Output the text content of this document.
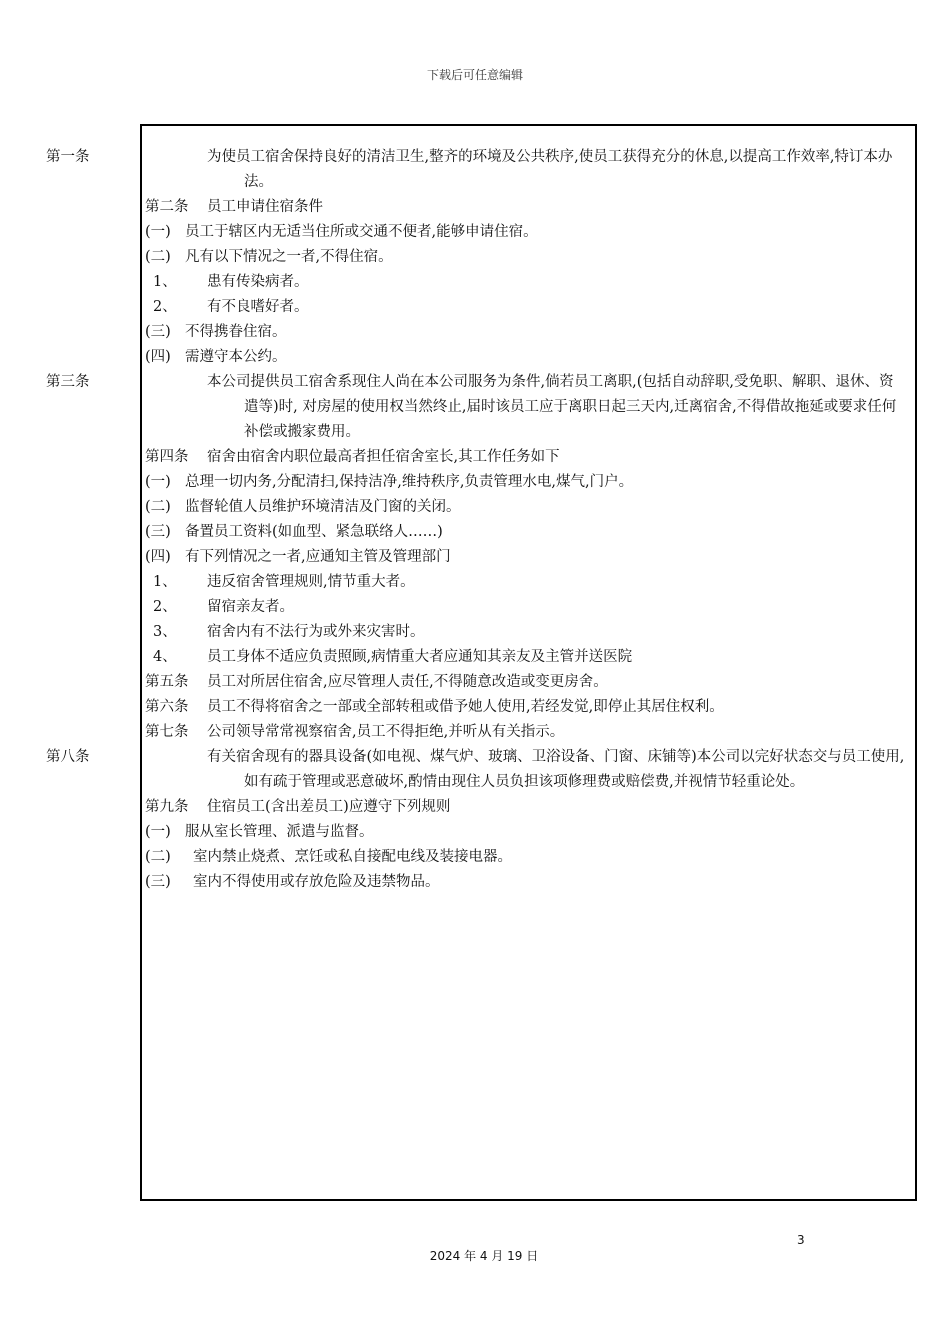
下载后可任意编辑
第一条	为使员工宿舍保持良好的清洁卫生,整齐的环境及公共秩序,使员工获得充分的休息,以提高工作效率,特订本办法。
第二条 员工申请住宿条件
(一) 员工于辖区内无适当住所或交通不便者,能够申请住宿。
(二) 凡有以下情况之一者,不得住宿。
1、 患有传染病者。
2、 有不良嗜好者。
(三) 不得携眷住宿。
(四) 需遵守本公约。
第三条	本公司提供员工宿舍系现住人尚在本公司服务为条件,倘若员工离职,(包括自动辞职,受免职、解职、退休、资遣等)时, 对房屋的使用权当然终止,届时该员工应于离职日起三天内,迁离宿舍,不得借故拖延或要求任何补偿或搬家费用。
第四条 宿舍由宿舍内职位最高者担任宿舍室长,其工作任务如下
(一) 总理一切内务,分配清扫,保持洁净,维持秩序,负责管理水电,煤气,门户。
(二) 监督轮值人员维护环境清洁及门窗的关闭。
(三) 备置员工资料(如血型、紧急联络人……)
(四) 有下列情况之一者,应通知主管及管理部门
1、 违反宿舍管理规则,情节重大者。
2、 留宿亲友者。
3、 宿舍内有不法行为或外来灾害时。
4、 员工身体不适应负责照顾,病情重大者应通知其亲友及主管并送医院
第五条 员工对所居住宿舍,应尽管理人责任,不得随意改造或变更房舍。
第六条 员工不得将宿舍之一部或全部转租或借予她人使用,若经发觉,即停止其居住权利。
第七条 公司领导常常视察宿舍,员工不得拒绝,并听从有关指示。
第八条	有关宿舍现有的器具设备(如电视、煤气炉、玻璃、卫浴设备、门窗、床铺等)本公司以完好状态交与员工使用,如有疏于管理或恶意破坏,酌情由现住人员负担该项修理费或赔偿费,并视情节轻重论处。
第九条 住宿员工(含出差员工)应遵守下列规则
(一) 服从室长管理、派遣与监督。
(二) 室内禁止烧煮、烹饪或私自接配电线及装接电器。
(三) 室内不得使用或存放危险及违禁物品。
3
2024 年 4 月 19 日
